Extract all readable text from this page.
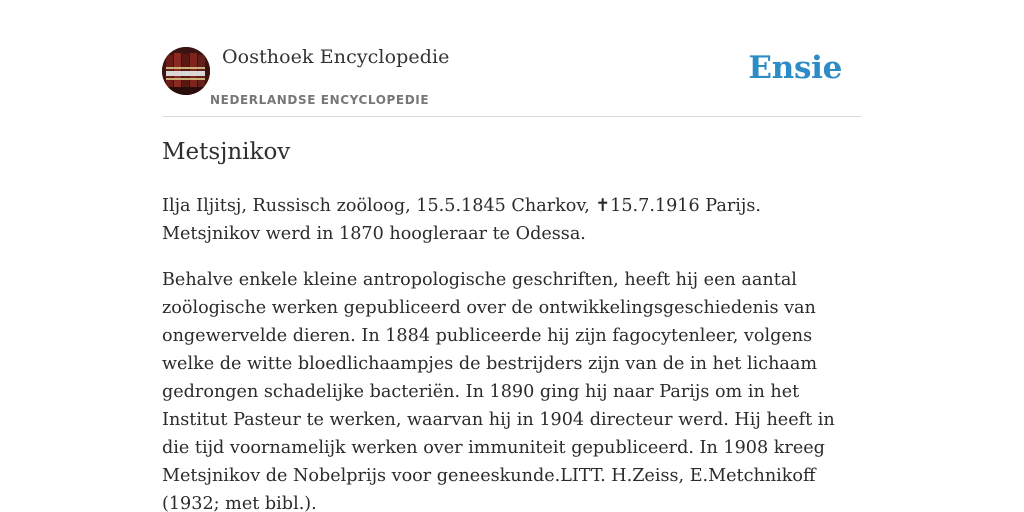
Oosthoek Encyclopedie
NEDERLANDSE ENCYCLOPEDIE
Ensie
Metsjnikov

Ilja Iljitsj, Russisch zoöloog, 15.5.1845 Charkov, ✝15.7.1916 Parijs. Metsjnikov werd in 1870 hoogleraar te Odessa.

Behalve enkele kleine antropologische geschriften, heeft hij een aantal zoölogische werken gepubliceerd over de ontwikkelingsgeschiedenis van ongewervelde dieren. In 1884 publiceerde hij zijn fagocytenleer, volgens welke de witte bloedlichaampjes de bestrijders zijn van de in het lichaam gedrongen schadelijke bacteriën. In 1890 ging hij naar Parijs om in het Institut Pasteur te werken, waarvan hij in 1904 directeur werd. Hij heeft in die tijd voornamelijk werken over immuniteit gepubliceerd. In 1908 kreeg Metsjnikov de Nobelprijs voor geneeskunde.LITT. H.Zeiss, E.Metchnikoff (1932; met bibl.).
